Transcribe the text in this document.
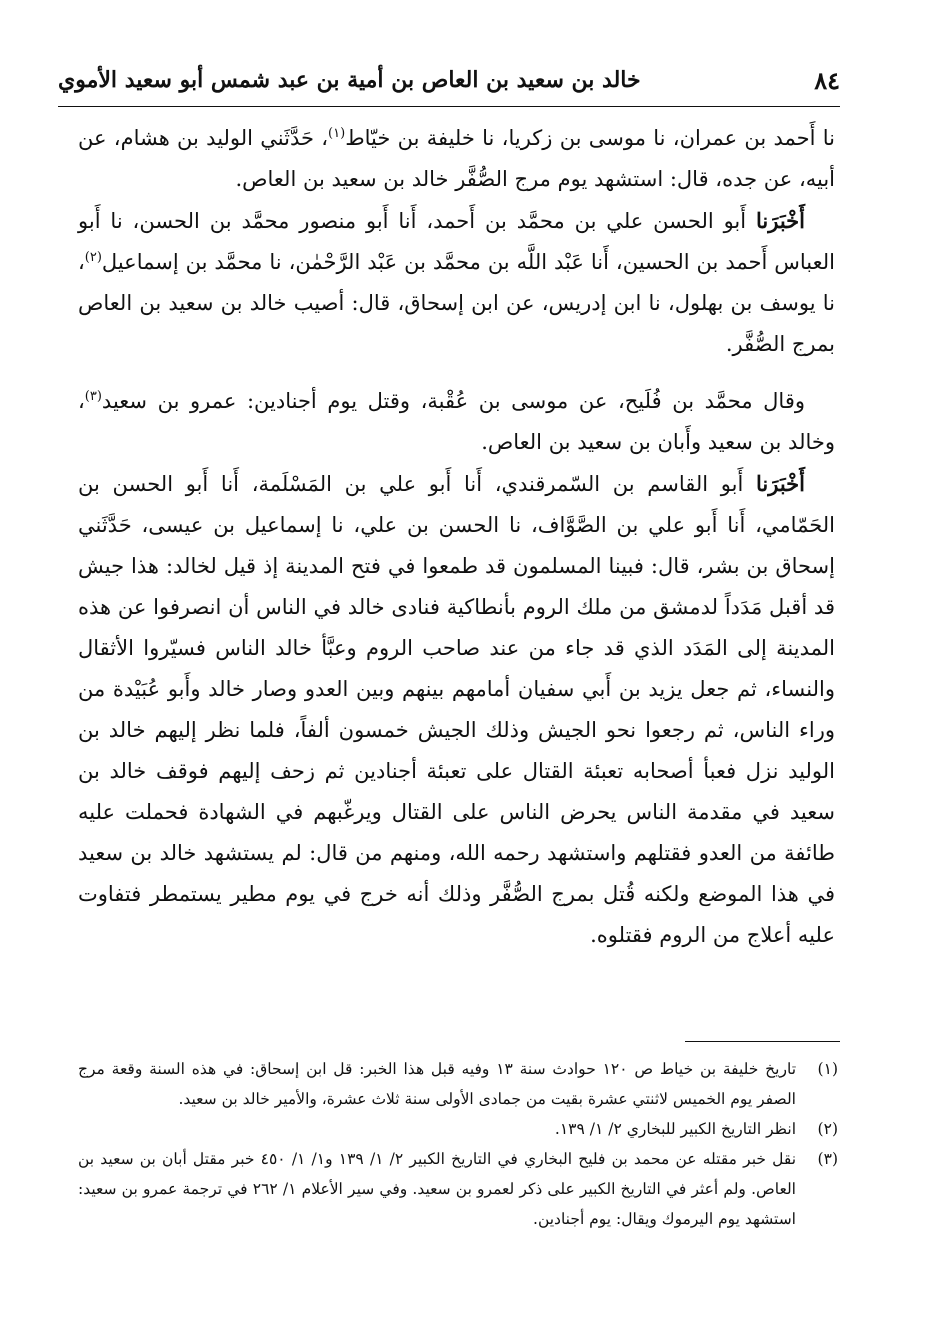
٨٤
خالد بن سعيد بن العاص بن أمية بن عبد شمس أبو سعيد الأموي

نا أَحمد بن عمران، نا موسى بن زكريا، نا خليفة بن خيّاط$^{(١)}$، حَدَّثَني الوليد بن هشام، عن أبيه، عن جده، قال: استشهد يوم مرج الصُّفَّر خالد بن سعيد بن العاص.

أَخْبَرَنا أَبو الحسن علي بن محمَّد بن أَحمد، أَنا أَبو منصور محمَّد بن الحسن، نا أَبو العباس أَحمد بن الحسين، أَنا عَبْد اللَّه بن محمَّد بن عَبْد الرَّحْمٰن، نا محمَّد بن إسماعيل$^{(٢)}$، نا يوسف بن بهلول، نا ابن إدريس، عن ابن إسحاق، قال: أصيب خالد بن سعيد بن العاص بمرج الصُّفَّر.

وقال محمَّد بن فُلَيح، عن موسى بن عُقْبة، وقتل يوم أجنادين: عمرو بن سعيد$^{(٣)}$، وخالد بن سعيد وأَبان بن سعيد بن العاص.

أَخْبَرَنا أَبو القاسم بن السّمرقندي، أَنا أَبو علي بن المَسْلَمة، أَنا أَبو الحسن بن الحَمّامي، أَنا أَبو علي بن الصَّوَّاف، نا الحسن بن علي، نا إسماعيل بن عيسى، حَدَّثَني إسحاق بن بشر، قال: فبينا المسلمون قد طمعوا في فتح المدينة إذ قيل لخالد: هذا جيش قد أقبل مَدَداً لدمشق من ملك الروم بأنطاكية فنادى خالد في الناس أن انصرفوا عن هذه المدينة إلى المَدَد الذي قد جاء من عند صاحب الروم وعبَّأ خالد الناس فسيّروا الأثقال والنساء، ثم جعل يزيد بن أَبي سفيان أمامهم بينهم وبين العدو وصار خالد وأَبو عُبَيْدة من وراء الناس، ثم رجعوا نحو الجيش وذلك الجيش خمسون ألفاً، فلما نظر إليهم خالد بن الوليد نزل فعبأ أصحابه تعبئة القتال على تعبئة أجنادين ثم زحف إليهم فوقف خالد بن سعيد في مقدمة الناس يحرض الناس على القتال ويرغّبهم في الشهادة فحملت عليه طائفة من العدو فقتلهم واستشهد رحمه الله، ومنهم من قال: لم يستشهد خالد بن سعيد في هذا الموضع ولكنه قُتل بمرج الصُّفَّر وذلك أنه خرج في يوم مطير يستمطر فتفاوت عليه أعلاج من الروم فقتلوه.

(١)
تاريخ خليفة بن خياط ص ١٢٠ حوادث سنة ١٣ وفيه قبل هذا الخبر: قل ابن إسحاق: في هذه السنة وقعة مرج الصفر يوم الخميس لاثنتي عشرة بقيت من جمادى الأولى سنة ثلاث عشرة، والأمير خالد بن سعيد.
(٢)
انظر التاريخ الكبير للبخاري ٢/ ١/ ١٣٩.
(٣)
نقل خبر مقتله عن محمد بن فليح البخاري في التاريخ الكبير ٢/ ١/ ١٣٩ و١/ ١/ ٤٥٠ خبر مقتل أبان بن سعيد بن العاص. ولم أعثر في التاريخ الكبير على ذكر لعمرو بن سعيد. وفي سير الأعلام ١/ ٢٦٢ في ترجمة عمرو بن سعيد: استشهد يوم اليرموك ويقال: يوم أجنادين.
